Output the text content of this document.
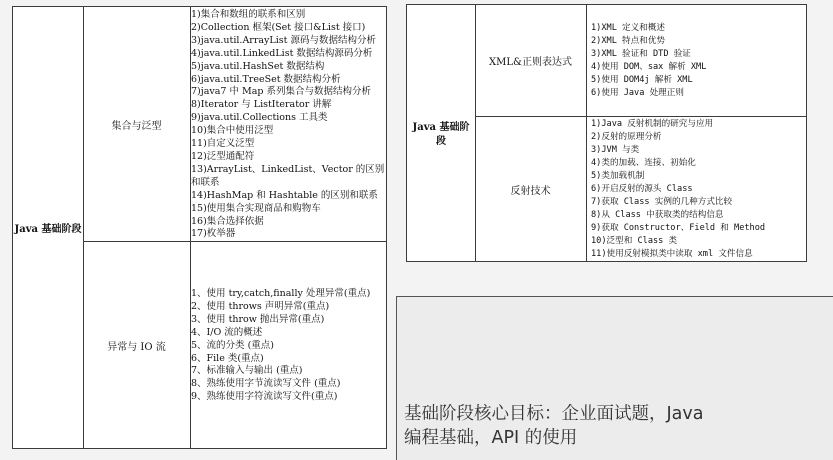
Java 基础阶段
集合与泛型
1)集合和数组的联系和区别
2)Collection 框架(Set 接口&List 接口)
3)java.util.ArrayList 源码与数据结构分析
4)java.util.LinkedList 数据结构源码分析
5)java.util.HashSet 数据结构
6)java.util.TreeSet 数据结构分析
7)java7 中 Map 系列集合与数据结构分析
8)Iterator 与 ListIterator 讲解
9)java.util.Collections 工具类
10)集合中使用泛型
11)自定义泛型
12)泛型通配符
13)ArrayList、LinkedList、Vector 的区别和联系
14)HashMap 和 Hashtable 的区别和联系
15)使用集合实现商品和购物车
16)集合选择依据
17)枚举器
异常与 IO 流
1、使用 try,catch,finally 处理异常(重点)
2、使用 throws 声明异常(重点)
3、使用 throw 抛出异常(重点)
4、I/O 流的概述
5、流的分类 (重点)
6、File 类(重点)
7、标准输入与输出 (重点)
8、熟练使用字节流读写文件 (重点)
9、熟练使用字符流读写文件(重点)
Java 基础阶段
XML&正则表达式
1)XML 定义和概述
2)XML 特点和优势
3)XML 验证和 DTD 验证
4)使用 DOM、sax 解析 XML
5)使用 DOM4j 解析 XML
6)使用 Java 处理正则
反射技术
1)Java 反射机制的研究与应用
2)反射的原理分析
3)JVM 与类
4)类的加载、连接、初始化
5)类加载机制
6)开启反射的源头 Class
7)获取 Class 实例的几种方式比较
8)从 Class 中获取类的结构信息
9)获取 Constructor、Field 和 Method
10)泛型和 Class 类
11)使用反射模拟类中读取 xml 文件信息
基础阶段核心目标：企业面试题，Java
编程基础，API 的使用
